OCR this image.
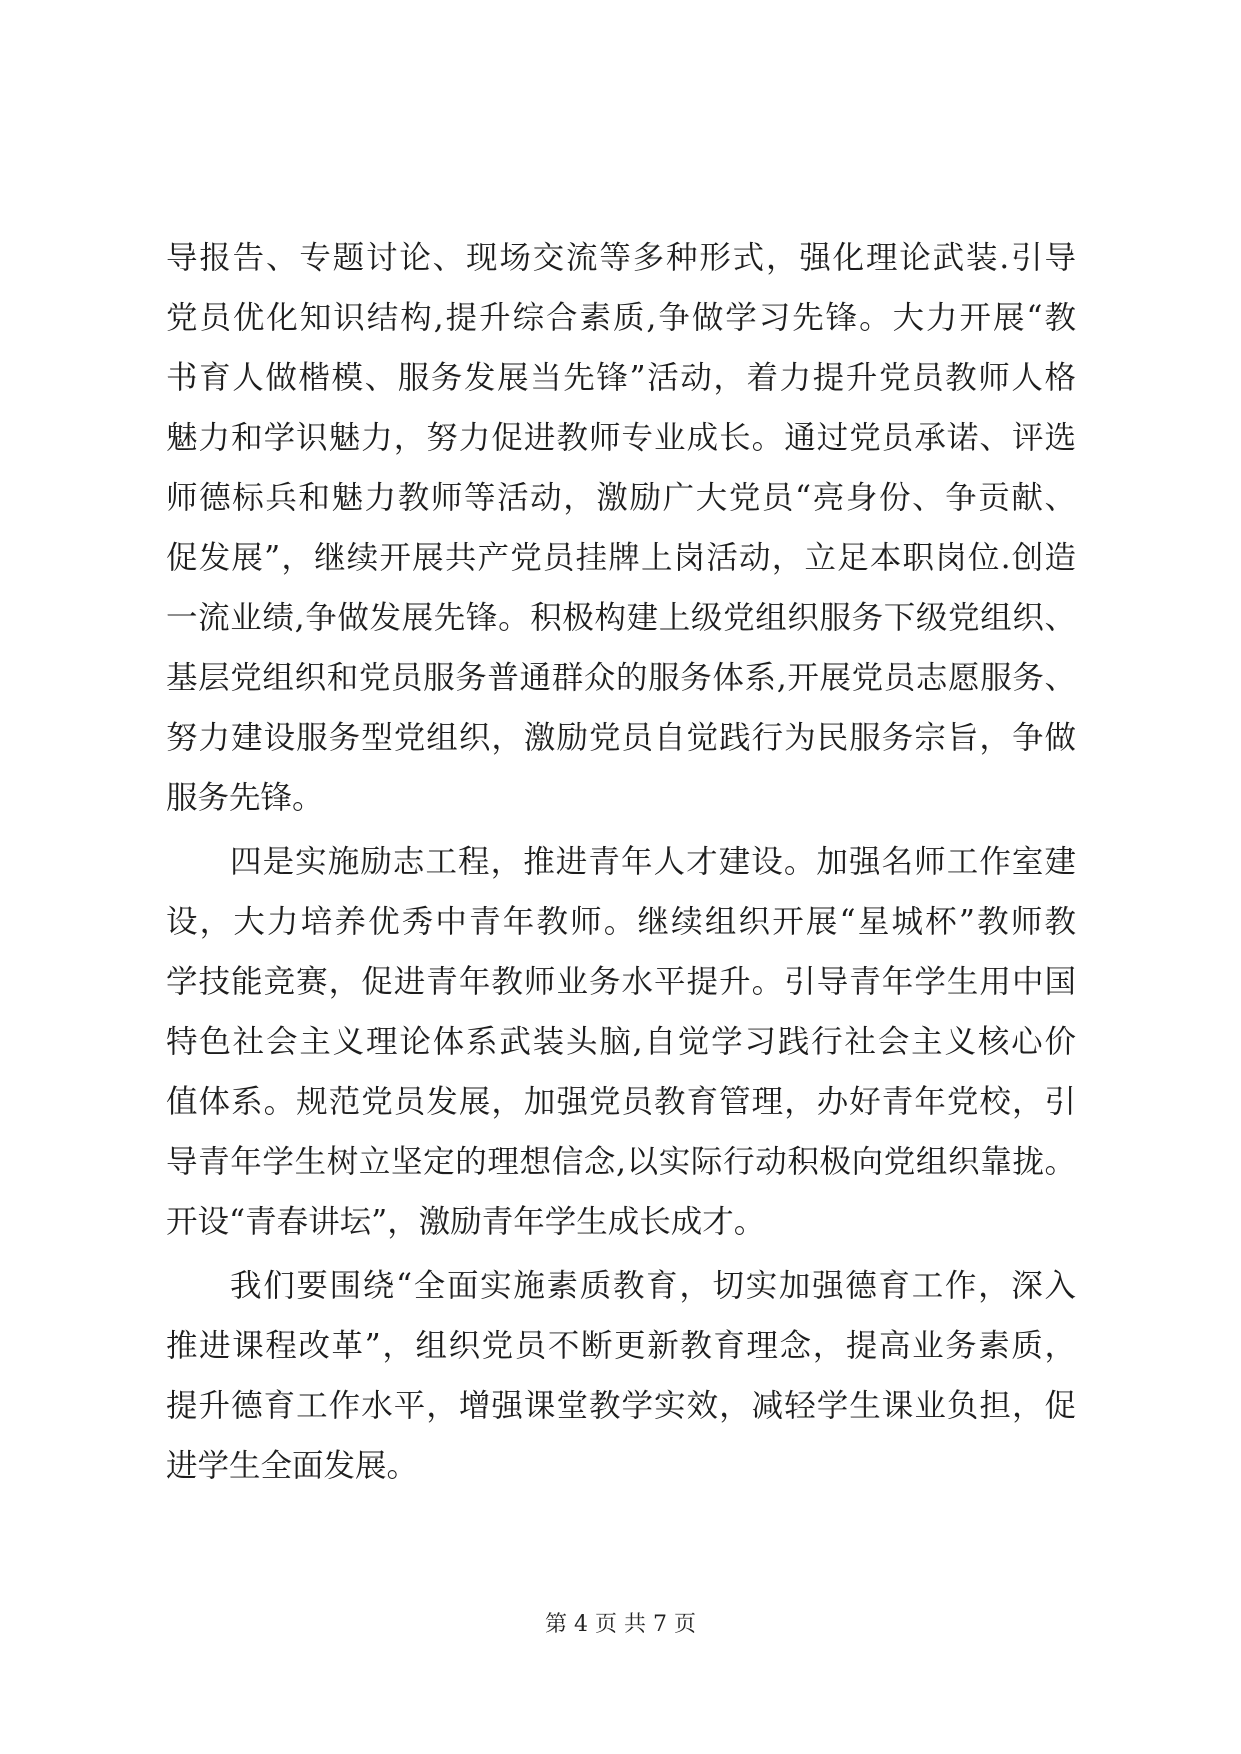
导报告、专题讨论、现场交流等多种形式，强化理论武装.引导
党员优化知识结构,提升综合素质,争做学习先锋。大力开展“教
书育人做楷模、服务发展当先锋”活动，着力提升党员教师人格
魅力和学识魅力，努力促进教师专业成长。通过党员承诺、评选
师德标兵和魅力教师等活动，激励广大党员“亮身份、争贡献、
促发展”，继续开展共产党员挂牌上岗活动，立足本职岗位.创造
一流业绩,争做发展先锋。积极构建上级党组织服务下级党组织、
基层党组织和党员服务普通群众的服务体系,开展党员志愿服务、
努力建设服务型党组织，激励党员自觉践行为民服务宗旨，争做
服务先锋。
四是实施励志工程，推进青年人才建设。加强名师工作室建
设，大力培养优秀中青年教师。继续组织开展“星城杯”教师教
学技能竞赛，促进青年教师业务水平提升。引导青年学生用中国
特色社会主义理论体系武装头脑,自觉学习践行社会主义核心价
值体系。规范党员发展，加强党员教育管理，办好青年党校，引
导青年学生树立坚定的理想信念,以实际行动积极向党组织靠拢。
开设“青春讲坛”，激励青年学生成长成才。
我们要围绕“全面实施素质教育，切实加强德育工作，深入
推进课程改革”，组织党员不断更新教育理念，提高业务素质，
提升德育工作水平，增强课堂教学实效，减轻学生课业负担，促
进学生全面发展。
第 4 页 共 7 页
